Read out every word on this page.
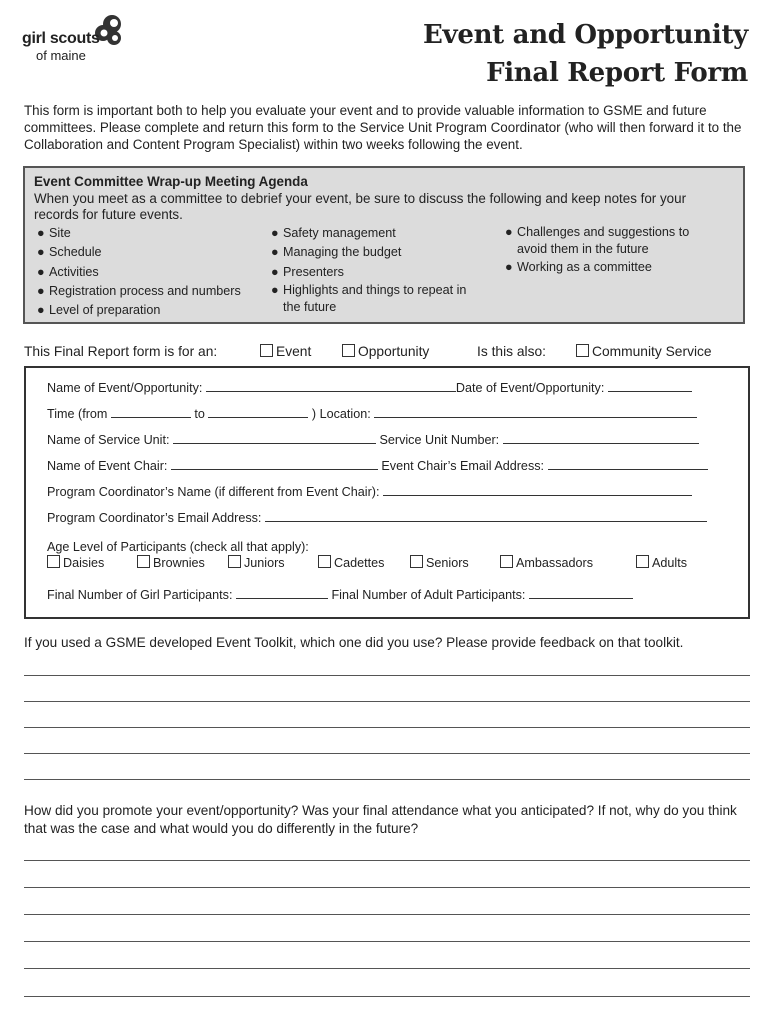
girl scouts
of maine
Event and Opportunity
Final Report Form
This form is important both to help you evaluate your event and to provide valuable information to GSME and future committees. Please complete and return this form to the Service Unit Program Coordinator (who will then forward it to the Collaboration and Content Program Specialist) within two weeks following the event.
Event Committee Wrap-up Meeting Agenda
When you meet as a committee to debrief your event, be sure to discuss the following and keep notes for your records for future events.
● Site
● Schedule
● Activities
● Registration process and numbers
● Level of preparation
● Safety management
● Managing the budget
● Presenters
● Highlights and things to repeat in
the future
● Challenges and suggestions to
avoid them in the future
● Working as a committee
This Final Report form is for an:	Event	Opportunity	Is this also:	Community Service
Name of Event/Opportunity:	Date of Event/Opportunity:
Time (from	to	) Location:
Name of Service Unit:	Service Unit Number:
Name of Event Chair:	Event Chair’s Email Address:
Program Coordinator’s Name (if different from Event Chair):
Program Coordinator’s Email Address:
Age Level of Participants (check all that apply):
Daisies	Brownies	Juniors	Cadettes	Seniors	Ambassadors	Adults
Final Number of Girl Participants:	Final Number of Adult Participants:
If you used a GSME developed Event Toolkit, which one did you use? Please provide feedback on that toolkit.
How did you promote your event/opportunity? Was your final attendance what you anticipated? If not, why do you think that was the case and what would you do differently in the future?
